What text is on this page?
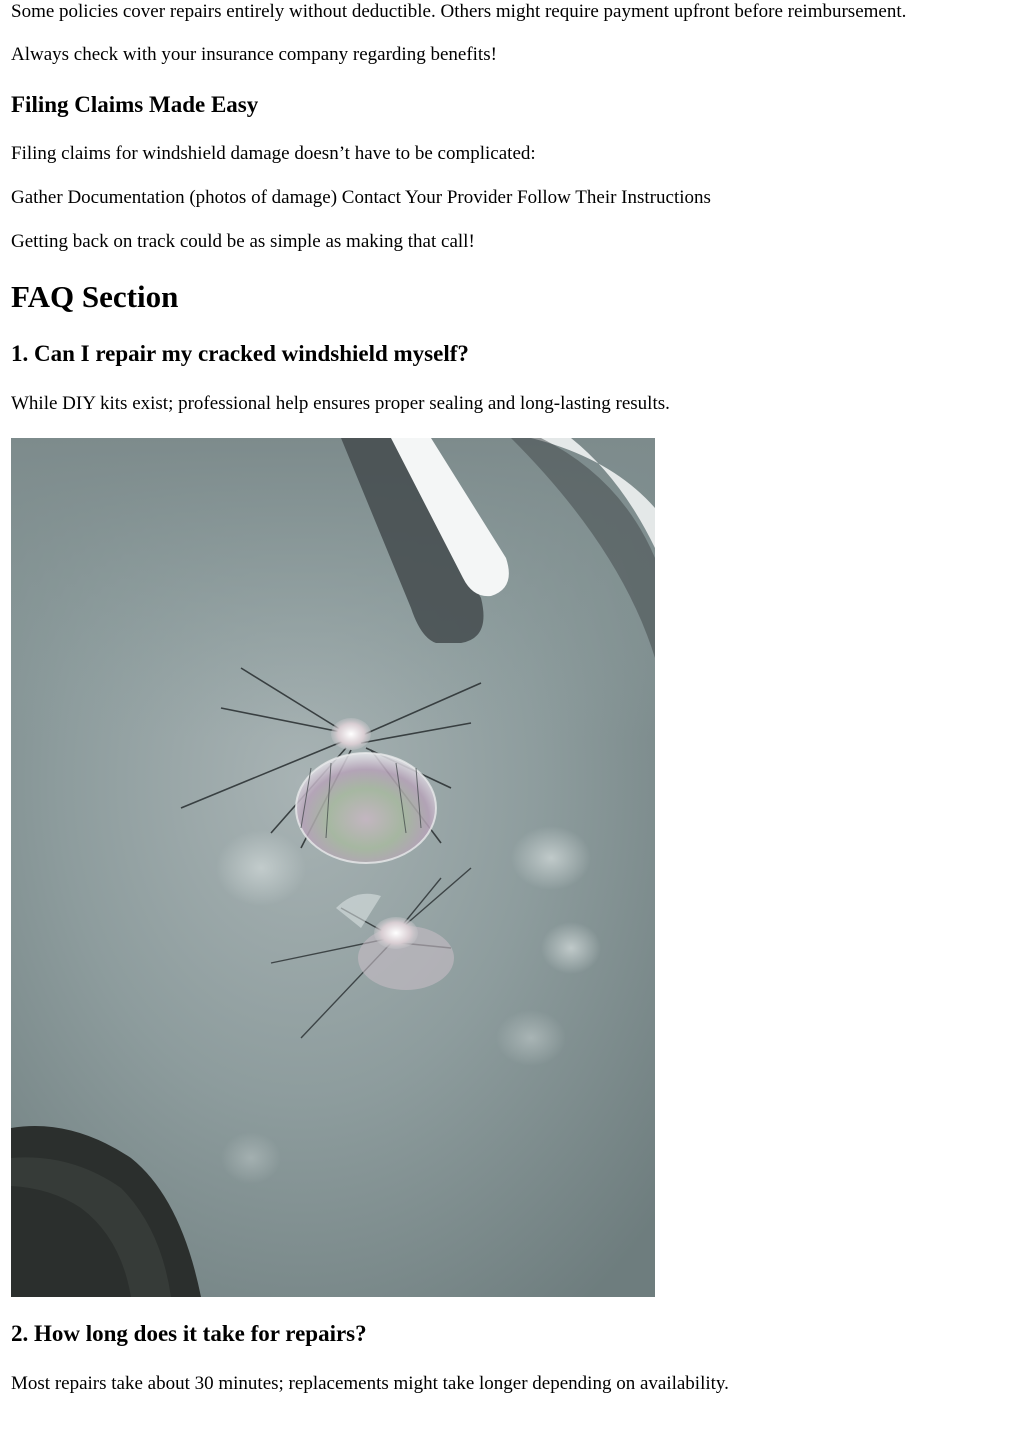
Some policies cover repairs entirely without deductible. Others might require payment upfront before reimbursement.

Always check with your insurance company regarding benefits!

Filing Claims Made Easy

Filing claims for windshield damage doesn’t have to be complicated:

Gather Documentation (photos of damage) Contact Your Provider Follow Their Instructions

Getting back on track could be as simple as making that call!

FAQ Section
1. Can I repair my cracked windshield myself?

While DIY kits exist; professional help ensures proper sealing and long-lasting results.

2. How long does it take for repairs?

Most repairs take about 30 minutes; replacements might take longer depending on availability.
